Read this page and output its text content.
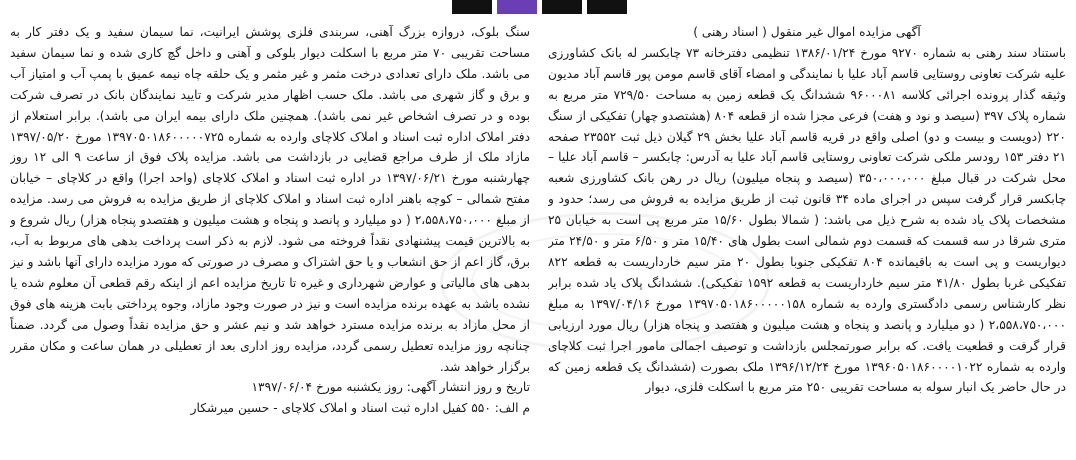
آگهی مزایده اموال غیر منقول ( اسناد رهنی )

باستناد سند رهنی به شماره ۹۲۷۰ مورخ ۱۳۸۶/۰۱/۲۴ تنظیمی دفترخانه ۷۳ چابکسر له بانک کشاورزی علیه شرکت تعاونی روستایی قاسم آباد علیا با نمایندگی و امضاء آقای قاسم مومن پور قاسم آباد مدیون وثیقه گذار پرونده اجرائی کلاسه ۹۶۰۰۰۸۱ ششدانگ یک قطعه زمین به مساحت ۷۲۹/۵۰ متر مربع به شماره پلاک ۳۹۷ (سیصد و نود و هفت) فرعی مجزا شده از قطعه ۸۰۴ (هشتصدو چهار) تفکیکی از سنگ ۲۲۰ (دویست و بیست و دو) اصلی واقع در قریه قاسم آباد علیا بخش ۲۹ گیلان ذیل ثبت ۲۳۵۵۲ صفحه ۲۱ دفتر ۱۵۳ رودسر ملکی شرکت تعاونی روستایی قاسم آباد علیا به آدرس: چابکسر – قاسم آباد علیا – محل شرکت در قبال مبلغ ۳۵۰،۰۰۰،۰۰۰ (سیصد و پنجاه میلیون) ریال در رهن بانک کشاورزی شعبه چابکسر قرار گرفت سپس در اجرای ماده ۳۴ قانون ثبت از طریق مزایده به فروش می رسد؛ حدود و مشخصات پلاک یاد شده به شرح ذیل می باشد: ( شمالا بطول ۱۵/۶۰ متر مربع پی است به خیابان ۲۵ متری شرقا در سه قسمت که قسمت دوم شمالی است بطول های ۱۵/۴۰ متر و ۶/۵۰ متر و ۲۴/۵۰ متر دیواریست و پی است به باقیمانده ۸۰۴ تفکیکی جنوبا بطول ۲۰ متر سیم خارداریست به قطعه ۸۲۲ تفکیکی غربا بطول ۴۱/۸۰ متر سیم خارداریست به قطعه ۱۵۹۲ تفکیکی). ششدانگ پلاک یاد شده برابر نظر کارشناس رسمی دادگستری وارده به شماره ۱۳۹۷۰۵۰۱۸۶۰۰۰۰۰۱۵۸ مورخ ۱۳۹۷/۰۴/۱۶ به مبلغ ۲،۵۵۸،۷۵۰،۰۰۰ ( دو میلیارد و پانصد و پنجاه و هشت میلیون و هفتصد و پنجاه هزار) ریال مورد ارزیابی قرار گرفت و قطعیت یافت. که برابر صورتمجلس بازداشت و توصیف اجمالی مامور اجرا ثبت کلاچای وارده به شماره ۱۳۹۶۰۵۰۱۸۶۰۰۰۰۱۰۲۲ مورخ ۱۳۹۶/۱۲/۲۴ ملک بصورت (ششدانگ یک قطعه زمین که در حال حاضر یک انبار سوله به مساحت تقریبی ۲۵۰ متر مربع با اسکلت فلزی، دیوار

سنگ بلوک، دروازه بزرگ آهنی، سربندی فلزی پوشش ایرانیت، نما سیمان سفید و یک دفتر کار به مساحت تقریبی ۷۰ متر مربع با اسکلت دیوار بلوکی و آهنی و داخل گچ کاری شده و نما سیمان سفید می باشد. ملک دارای تعدادی درخت مثمر و غیر مثمر و یک حلقه چاه نیمه عمیق با پمپ آب و امتیاز آب و برق و گاز شهری می باشد. ملک حسب اظهار مدیر شرکت و تایید نمایندگان بانک در تصرف شرکت بوده و در تصرف اشخاص غیر نمی باشد). همچنین ملک دارای بیمه ایران می باشد). برابر استعلام از دفتر املاک اداره ثبت اسناد و املاک کلاچای وارده به شماره ۱۳۹۷۰۵۰۱۸۶۰۰۰۰۰۷۲۵ مورخ ۱۳۹۷/۰۵/۲۰ مازاد ملک از طرف مراجع قضایی در بازداشت می باشد. مزایده پلاک فوق از ساعت ۹ الی ۱۲ روز چهارشنبه مورخ ۱۳۹۷/۰۶/۲۱ در اداره ثبت اسناد و املاک کلاچای (واحد اجرا) واقع در کلاچای – خیابان مفتح شمالی – کوچه باهنر اداره ثبت اسناد و املاک کلاچای از طریق مزایده به فروش می رسد. مزایده از مبلغ ۲،۵۵۸،۷۵۰،۰۰۰ ( دو میلیارد و پانصد و پنجاه و هشت میلیون و هفتصدو پنجاه هزار) ریال شروع و به بالاترین قیمت پیشنهادی نقداً فروخته می شود. لازم به ذکر است پرداخت بدهی های مربوط به آب، برق، گاز اعم از حق انشعاب و یا حق اشتراک و مصرف در صورتی که مورد مزایده دارای آنها باشد و نیز بدهی های مالیاتی و عوارض شهرداری و غیره تا تاریخ مزایده اعم از اینکه رقم قطعی آن معلوم شده یا نشده باشد به عهده برنده مزایده است و نیز در صورت وجود مازاد، وجوه پرداختی بابت هزینه های فوق از محل مازاد به برنده مزایده مسترد خواهد شد و نیم عشر و حق مزایده نقداً وصول می گردد. ضمناً چنانچه روز مزایده تعطیل رسمی گردد، مزایده روز اداری بعد از تعطیلی در همان ساعت و مکان مقرر برگزار خواهد شد.

تاریخ و روز انتشار آگهی: روز یکشنبه مورخ ۱۳۹۷/۰۶/۰۴

م الف: ۵۵۰ کفیل اداره ثبت اسناد و املاک کلاچای - حسین میرشکار
